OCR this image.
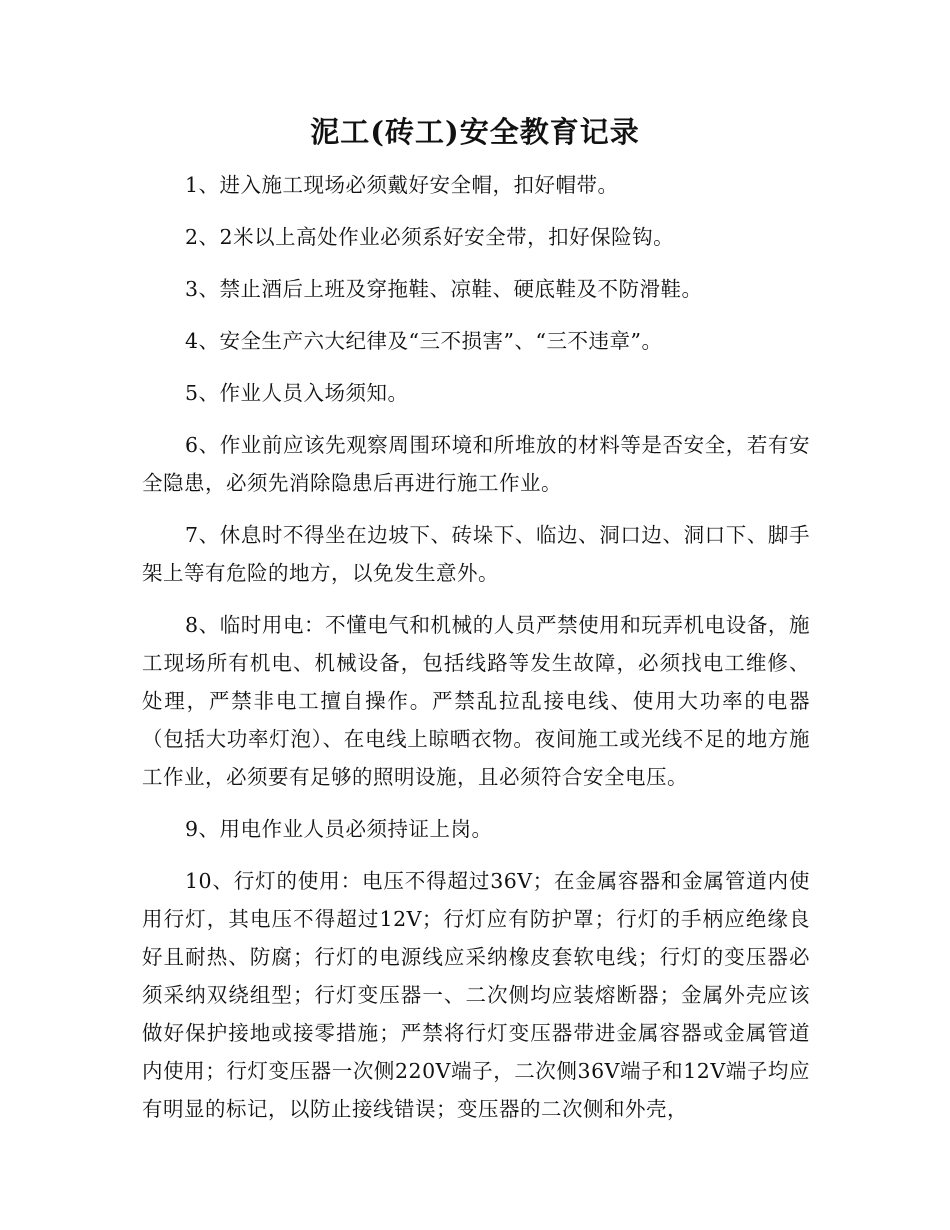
泥工(砖工)安全教育记录

1、进入施工现场必须戴好安全帽，扣好帽带。

2、2米以上高处作业必须系好安全带，扣好保险钩。

3、禁止酒后上班及穿拖鞋、凉鞋、硬底鞋及不防滑鞋。

4、安全生产六大纪律及“三不损害”、“三不违章”。

5、作业人员入场须知。

6、作业前应该先观察周围环境和所堆放的材料等是否安全，若有安全隐患，必须先消除隐患后再进行施工作业。

7、休息时不得坐在边坡下、砖垛下、临边、洞口边、洞口下、脚手架上等有危险的地方，以免发生意外。

8、临时用电：不懂电气和机械的人员严禁使用和玩弄机电设备，施工现场所有机电、机械设备，包括线路等发生故障，必须找电工维修、处理，严禁非电工擅自操作。严禁乱拉乱接电线、使用大功率的电器（包括大功率灯泡）、在电线上晾晒衣物。夜间施工或光线不足的地方施工作业，必须要有足够的照明设施，且必须符合安全电压。

9、用电作业人员必须持证上岗。

10、行灯的使用：电压不得超过36V；在金属容器和金属管道内使用行灯，其电压不得超过12V；行灯应有防护罩；行灯的手柄应绝缘良好且耐热、防腐；行灯的电源线应采纳橡皮套软电线；行灯的变压器必须采纳双绕组型；行灯变压器一、二次侧均应装熔断器；金属外壳应该做好保护接地或接零措施；严禁将行灯变压器带进金属容器或金属管道内使用；行灯变压器一次侧220V端子，二次侧36V端子和12V端子均应有明显的标记，以防止接线错误；变压器的二次侧和外壳，
